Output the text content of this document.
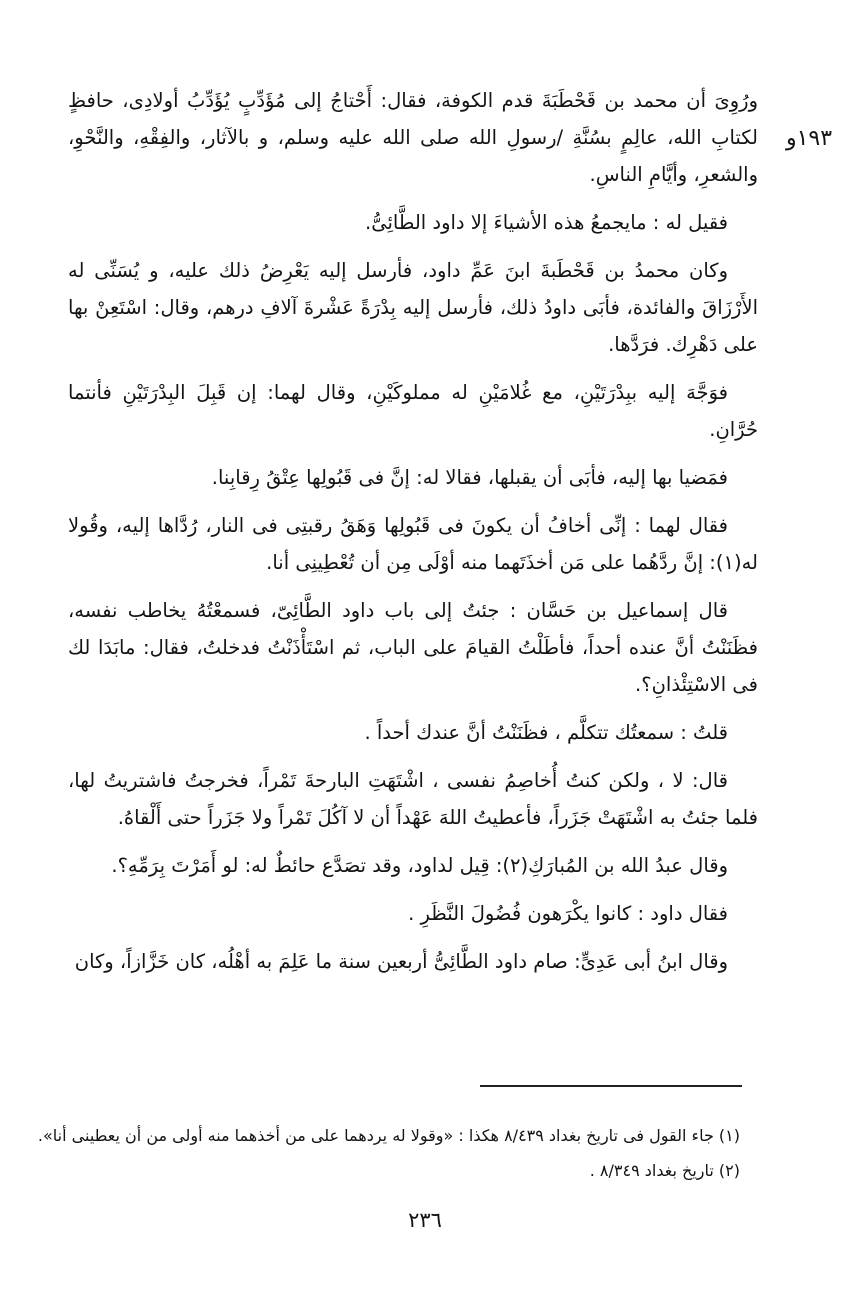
١٩٣و

ورُوِىَ أن محمد بن قَحْطَبَةَ قدم الكوفة، فقال: أَحْتاجُ إلى مُؤَدِّبٍ يُؤَدِّبُ أولادِى، حافظٍ لكتابِ الله، عالِمٍ بسُنَّةِ /رسولِ الله صلى الله عليه وسلم، و بالآثار، والفِقْهِ، والنَّحْوِ، والشعرِ، وأيَّامِ الناسِ.

فقيل له : مايجمعُ هذه الأشياءَ إلا داود الطَّائِىُّ.

وكان محمدُ بن قَحْطَبةَ ابنَ عَمِّ داود، فأرسل إليه يَعْرِضُ ذلك عليه، و يُسَنِّى له الأَرْزَاقَ والفائدة، فأبَى داودُ ذلك، فأرسل إليه بِدْرَةً عَشْرةَ آلافِ درهم، وقال: اسْتَعِنْ بها على دَهْرِك. فرَدَّها.

فوَجَّهَ إليه ببِدْرَتَيْنِ، مع غُلامَيْنِ له مملوكَيْنِ، وقال لهما: إن قَبِلَ البِدْرَتَيْنِ فأنتما حُرَّانِ.

فمَضيا بها إليه، فأبَى أن يقبلها، فقالا له: إنَّ فى قَبُولِها عِتْقُ رِقابِنا.

فقال لهما : إنِّى أخافُ أن يكونَ فى قَبُولِها وَهَقُ رقبتِى فى النار، رُدَّاها إليه، وقُولا له(١): إنَّ ردَّهُما على مَن أخذَتَهما منه أوْلَى مِن أن تُعْطِينِى أنا.

قال إسماعيل بن حَسَّان : جئتُ إلى باب داود الطَّائِىّ، فسمعْتُهُ يخاطب نفسه، فظَنَنْتُ أنَّ عنده أحداً، فأطَلْتُ القيامَ على الباب، ثم اسْتَأْذَنْتُ فدخلتُ، فقال: مابَدَا لك فى الاسْتِئْذانِ؟.

قلتُ : سمعتُك تتكلَّم ، فظَنَنْتُ أنَّ عندك أحداً .

قال: لا ، ولكن كنتُ أُخاصِمُ نفسى ، اشْتَهَتِ البارحةَ تَمْراً، فخرجتُ فاشتريتُ لها، فلما جئتُ به اشْتَهَتْ جَزَراً، فأعطيتُ اللهَ عَهْداً أن لا آكُلَ تَمْراً ولا جَزَراً حتى أَلْقاهُ.

وقال عبدُ الله بن المُبارَكِ(٢): قِيل لداود، وقد تصَدَّع حائطٌ له: لو أَمَرْتَ بِرَمِّهِ؟.

فقال داود : كانوا يكْرَهون فُضُولَ النَّظَرِ .

وقال ابنُ أبى عَدِىٍّ: صام داود الطَّائِىُّ أربعين سنة ما عَلِمَ به أهْلُه، كان خَزَّازاً، وكان

(١) جاء القول فى تاريخ بغداد ٨/٤٣٩ هكذا : «وقولا له يردهما على من أخذهما منه أولى من أن يعطينى أنا».
(٢) تاريخ بغداد ٨/٣٤٩ .
٢٣٦
